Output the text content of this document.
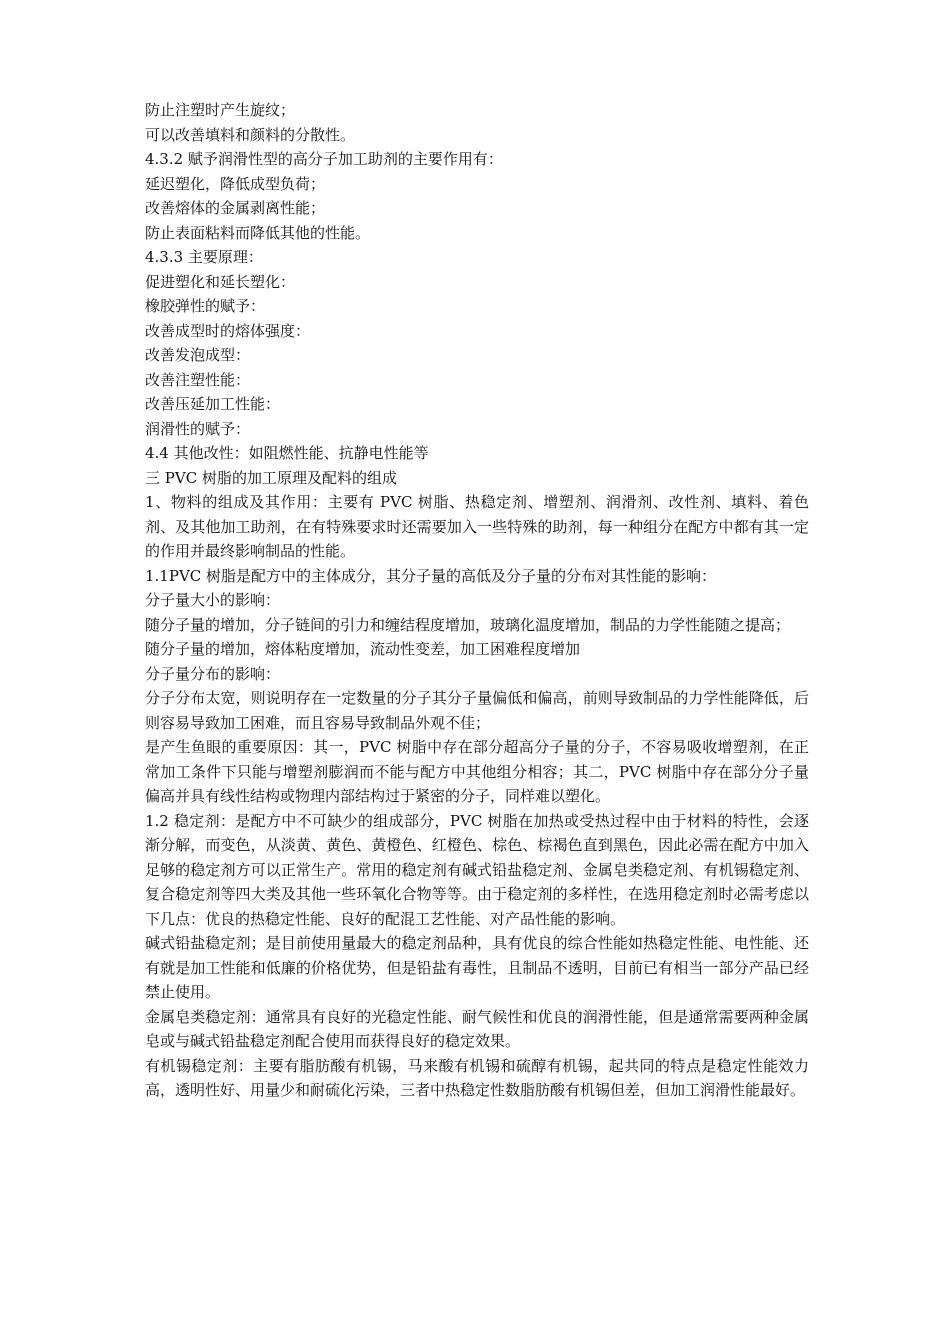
防止注塑时产生旋纹；

可以改善填料和颜料的分散性。

4.3.2 赋予润滑性型的高分子加工助剂的主要作用有：

延迟塑化，降低成型负荷；

改善熔体的金属剥离性能；

防止表面粘料而降低其他的性能。

4.3.3 主要原理：

促进塑化和延长塑化：

橡胶弹性的赋予：

改善成型时的熔体强度：

改善发泡成型：

改善注塑性能：

改善压延加工性能：

润滑性的赋予：

4.4 其他改性：如阻燃性能、抗静电性能等

三 PVC 树脂的加工原理及配料的组成

1、物料的组成及其作用：主要有 PVC 树脂、热稳定剂、增塑剂、润滑剂、改性剂、填料、着色剂、及其他加工助剂，在有特殊要求时还需要加入一些特殊的助剂，每一种组分在配方中都有其一定的作用并最终影响制品的性能。

1.1PVC 树脂是配方中的主体成分，其分子量的高低及分子量的分布对其性能的影响：

分子量大小的影响：

随分子量的增加，分子链间的引力和缠结程度增加，玻璃化温度增加，制品的力学性能随之提高；

随分子量的增加，熔体粘度增加，流动性变差，加工困难程度增加

分子量分布的影响：

分子分布太宽，则说明存在一定数量的分子其分子量偏低和偏高，前则导致制品的力学性能降低，后则容易导致加工困难，而且容易导致制品外观不佳；

是产生鱼眼的重要原因：其一，PVC 树脂中存在部分超高分子量的分子，不容易吸收增塑剂，在正常加工条件下只能与增塑剂膨润而不能与配方中其他组分相容；其二，PVC 树脂中存在部分分子量偏高并具有线性结构或物理内部结构过于紧密的分子，同样难以塑化。

1.2 稳定剂：是配方中不可缺少的组成部分，PVC 树脂在加热或受热过程中由于材料的特性，会逐渐分解，而变色，从淡黄、黄色、黄橙色、红橙色、棕色、棕褐色直到黑色，因此必需在配方中加入足够的稳定剂方可以正常生产。常用的稳定剂有碱式铅盐稳定剂、金属皂类稳定剂、有机锡稳定剂、复合稳定剂等四大类及其他一些环氧化合物等等。由于稳定剂的多样性，在选用稳定剂时必需考虑以下几点：优良的热稳定性能、良好的配混工艺性能、对产品性能的影响。

碱式铅盐稳定剂；是目前使用量最大的稳定剂品种，具有优良的综合性能如热稳定性能、电性能、还有就是加工性能和低廉的价格优势，但是铅盐有毒性，且制品不透明，目前已有相当一部分产品已经禁止使用。

金属皂类稳定剂：通常具有良好的光稳定性能、耐气候性和优良的润滑性能，但是通常需要两种金属皂或与碱式铅盐稳定剂配合使用而获得良好的稳定效果。

有机锡稳定剂：主要有脂肪酸有机锡，马来酸有机锡和硫醇有机锡，起共同的特点是稳定性能效力高，透明性好、用量少和耐硫化污染，三者中热稳定性数脂肪酸有机锡但差，但加工润滑性能最好。
